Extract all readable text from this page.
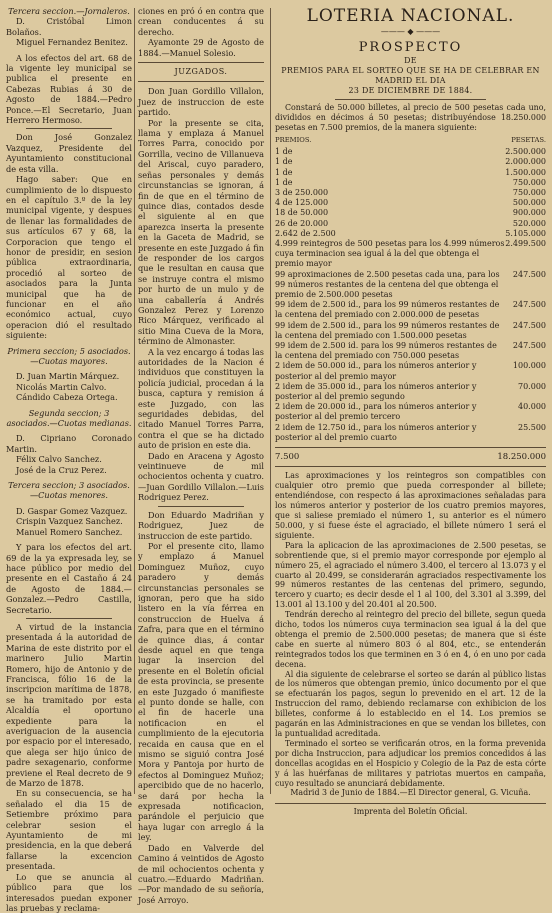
Tercera seccion.—Jornaleros.

D. Cristóbal Limon Bolaños.

Miguel Fernandez Benitez.

A los efectos del art. 68 de la vigente ley municipal se publica el presente en Cabezas Rubias á 30 de Agosto de 1884.—Pedro Ponce.—El Secretario, Juan Herrero Hermoso.

Don José Gonzalez Vazquez, Presidente del Ayuntamiento constitucional de esta villa.

Hago saber: Que en cumplimiento de lo dispuesto en el capítulo 3.º de la ley municipal vigente, y despues de llenar las formalidades de sus artículos 67 y 68, la Corporacion que tengo el honor de presidir, en sesion pública extraordinaria, procedió al sorteo de asociados para la Junta municipal que ha de funcionar en el año económico actual, cuyo operacion dió el resultado siguiente:

Primera seccion; 5 asociados.—Cuotas mayores.

D. Juan Martin Márquez.

Nicolás Martin Calvo.

Cándido Cabeza Ortega.

Segunda seccion; 3 asociados.—Cuotas medianas.

D. Cipriano Coronado Martin.

Félix Calvo Sanchez.

José de la Cruz Perez.

Tercera seccion; 3 asociados.—Cuotas menores.

D. Gaspar Gomez Vazquez.

Crispin Vazquez Sanchez.

Manuel Romero Sanchez.

Y para los efectos del art. 69 de la ya expresada ley, se hace público por medio del presente en el Castaño á 24 de Agosto de 1884.—Gonzalez.—Pedro Castilla, Secretario.

A virtud de la instancia presentada á la autoridad de Marina de este distrito por el marinero Julio Martin Romero, hijo de Antonio y de Francisca, fólio 16 de la inscripcion marítima de 1878, se ha tramitado por esta Alcaldía el oportuno expediente para la averiguacion de la ausencia por espacio por el interesado, que alega ser hijo único de padre sexagenario, conforme previene el Real decreto de 9 de Marzo de 1878.

En su consecuencia, se ha señalado el dia 15 de Setiembre próximo para celebrar sesion el Ayuntamiento de mi presidencia, en la que deberá fallarse la excencion presentada.

Lo que se anuncia al público para que los interesados puedan exponer las pruebas y reclama-

ciones en pró ó en contra que crean conducentes á su derecho.

Ayamonte 29 de Agosto de 1884.—Manuel Solesio.

JUZGADOS.

Don Juan Gordillo Villalon, Juez de instruccion de este partido.

Por la presente se cita, llama y emplaza á Manuel Torres Parra, conocido por Gorrilla, vecino de Villanueva del Ariscal, cuyo paradero, señas personales y demás circunstancias se ignoran, á fin de que en el término de quince dias, contados desde el siguiente al en que aparezca inserta la presente en la Gaceta de Madrid, se presente en este Juzgado á fin de responder de los cargos que le resultan en causa que se instruye contra el mismo por hurto de un mulo y de una caballería á Andrés Gonzalez Perez y Lorenzo Rico Márquez, verificado al sitio Mina Cueva de la Mora, término de Almonaster.

A la vez encargo á todas las autoridades de la Nacion é individuos que constituyen la policía judicial, procedan á la busca, captura y remision á este Juzgado, con las seguridades debidas, del citado Manuel Torres Parra, contra el que se ha dictado auto de prision en este dia.

Dado en Aracena y Agosto veintinueve de mil ochocientos ochenta y cuatro.—Juan Gordillo Villalon.—Luis Rodriguez Perez.

Don Eduardo Madriñan y Rodriguez, Juez de instruccion de este partido.

Por el presente cito, llamo y emplazo á Manuel Dominguez Muñoz, cuyo paradero y demás circunstancias personales se ignoran, pero que ha sido listero en la vía férrea en construccion de Huelva á Zafra, para que en el término de quince dias, á contar desde aquel en que tenga lugar la insercion del presente en el Boletín oficial de esta provincia, se presente en este Juzgado ó manifieste el punto donde se halle, con el fin de hacerle una notificacion en el cumplimiento de la ejecutoria recaida en causa que en el mismo se siguió contra José Mora y Pantoja por hurto de efectos al Dominguez Muñoz; apercibido que de no hacerlo, se dará por hecha la expresada notificacion, parándole el perjuicio que haya lugar con arreglo á la ley.

Dado en Valverde del Camino á veintidos de Agosto de mil ochocientos ochenta y cuatro.—Eduardo Madriñan.—Por mandado de su señoría, José Arroyo.

LOTERIA NACIONAL.
——— ◆ ———
PROSPECTO

DE

PREMIOS PARA EL SORTEO QUE SE HA DE CELEBRAR EN MADRID EL DIA

23 DE DICIEMBRE DE 1884.

Constará de 50.000 billetes, al precio de 500 pesetas cada uno, divididos en décimos á 50 pesetas; distribuyéndose 18.250.000 pesetas en 7.500 premios, de la manera siguiente:

PREMIOS.	PESETAS.
1 de	2.500.000
1 de	2.000.000
1 de	1.500.000
1 de	750.000
3 de 250.000	750.000
4 de 125.000	500.000
18 de 50.000	900.000
26 de 20.000	520.000
2.642 de 2.500	5.105.000
4.999 reintegros de 500 pesetas para los 4.999 números cuya terminacion sea igual á la del que obtenga el premio mayor	2.499.500
99 aproximaciones de 2.500 pesetas cada una, para los 99 números restantes de la centena del que obtenga el premio de 2.500.000 pesetas	247.500
99 idem de 2.500 id., para los 99 números restantes de la centena del premiado con 2.000.000 de pesetas	247.500
99 idem de 2.500 id., para los 99 números restantes de la centena del premiado con 1.500.000 pesetas	247.500
99 idem de 2.500 id. para los 99 números restantes de la centena del premiado con 750.000 pesetas	247.500
2 idem de 50.000 id., para los números anterior y posterior al del premio mayor	100.000
2 idem de 35.000 id., para los números anterior y posterior al del premio segundo	70.000
2 idem de 20.000 id., para los números anterior y posterior al del premio tercero	40.000
2 idem de 12.750 id., para los números anterior y posterior al del premio cuarto	25.500
7.500	18.250.000

Las aproximaciones y los reintegros son compatibles con cualquier otro premio que pueda corresponder al billete; entendiéndose, con respecto á las aproximaciones señaladas para los números anterior y posterior de los cuatro premios mayores, que si saliese premiado el número 1, su anterior es el número 50.000, y si fuese éste el agraciado, el billete número 1 será el siguiente.

Para la aplicacion de las aproximaciones de 2.500 pesetas, se sobrentiende que, si el premio mayor corresponde por ejemplo al número 25, el agraciado el número 3.400, el tercero al 13.073 y el cuarto al 20.499, se considerarán agraciados respectivamente los 99 números restantes de las centenas del primero, segundo, tercero y cuarto; es decir desde el 1 al 100, del 3.301 al 3.399, del 13.001 al 13.100 y del 20.401 al 20.500.

Tendrán derecho al reintegro del precio del billete, segun queda dicho, todos los números cuya terminacion sea igual á la del que obtenga el premio de 2.500.000 pesetas; de manera que si éste cabe en suerte al número 803 ó al 804, etc., se entenderán reintegrados todos los que terminen en 3 ó en 4, ó en uno por cada decena.

Al dia siguiente de celebrarse el sorteo se darán al público listas de los números que obtengan premio, único documento por el que se efectuarán los pagos, segun lo prevenido en el art. 12 de la Instruccion del ramo, debiendo reclamarse con exhibicion de los billetes, conforme á lo establecido en el 14. Los premios se pagarán en las Administraciones en que se vendan los billetes, con la puntualidad acreditada.

Terminado el sorteo se verificarán otros, en la forma prevenida por dicha Instruccion, para adjudicar los premios concedidos á las doncellas acogidas en el Hospicio y Colegio de la Paz de esta córte y á las huérfanas de militares y patriotas muertos en campaña, cuyo resultado se anunciará debidamente.

Madrid 3 de Junio de 1884.—El Director general, G. Vicuña.

Imprenta del Boletín Oficial.
